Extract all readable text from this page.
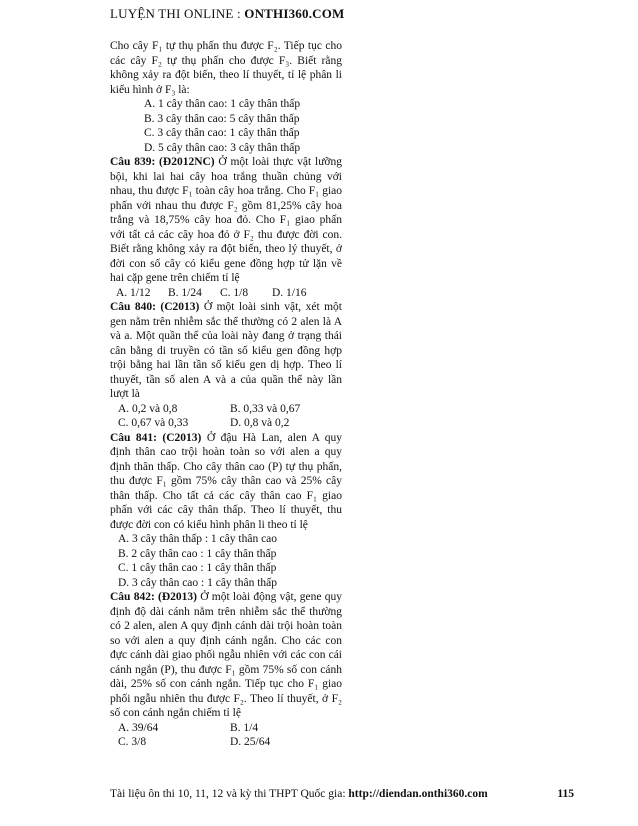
LUYỆN THI ONLINE : ONTHI360.COM

Cho cây F₁ tự thụ phấn thu được F₂. Tiếp tục cho các cây F₂ tự thụ phấn cho được F₃. Biết rằng không xảy ra đột biến, theo lí thuyết, tỉ lệ phân li kiểu hình ở F₃ là:

A. 1 cây thân cao: 1 cây thân thấp
B. 3 cây thân cao: 5 cây thân thấp
C. 3 cây thân cao: 1 cây thân thấp
D. 5 cây thân cao: 3 cây thân thấp

Câu 839: (Đ2012NC) Ở một loài thực vật lưỡng bội, khi lai hai cây hoa trắng thuần chủng với nhau, thu được F₁ toàn cây hoa trắng. Cho F₁ giao phấn với nhau thu được F₂ gồm 81,25% cây hoa trắng và 18,75% cây hoa đỏ. Cho F₁ giao phấn với tất cả các cây hoa đỏ ở F₂ thu được đời con. Biết rằng không xảy ra đột biến, theo lý thuyết, ở đời con số cây có kiểu gene đồng hợp tử lặn về hai cặp gene trên chiếm tỉ lệ

A. 1/12	B. 1/24	C. 1/8	D. 1/16

Câu 840: (C2013) Ở một loài sinh vật, xét một gen nằm trên nhiễm sắc thể thường có 2 alen là A và a. Một quần thể của loài này đang ở trạng thái cân bằng di truyền có tần số kiểu gen đồng hợp trội bằng hai lần tần số kiểu gen dị hợp. Theo lí thuyết, tần số alen A và a của quần thể này lần lượt là

A. 0,2 và 0,8	B. 0,33 và 0,67
C. 0,67 và 0,33	D. 0,8 và 0,2

Câu 841: (C2013) Ở đậu Hà Lan, alen A quy định thân cao trội hoàn toàn so với alen a quy định thân thấp. Cho cây thân cao (P) tự thụ phấn, thu được F₁ gồm 75% cây thân cao và 25% cây thân thấp. Cho tất cả các cây thân cao F₁ giao phấn với các cây thân thấp. Theo lí thuyết, thu được đời con có kiểu hình phân li theo tỉ lệ

A. 3 cây thân thấp : 1 cây thân cao
B. 2 cây thân cao : 1 cây thân thấp
C. 1 cây thân cao : 1 cây thân thấp
D. 3 cây thân cao : 1 cây thân thấp

Câu 842: (Đ2013) Ở một loài động vật, gene quy định độ dài cánh nằm trên nhiễm sắc thể thường có 2 alen, alen A quy định cánh dài trội hoàn toàn so với alen a quy định cánh ngắn. Cho các con đực cánh dài giao phối ngẫu nhiên với các con cái cánh ngắn (P), thu được F₁ gồm 75% số con cánh dài, 25% số con cánh ngắn. Tiếp tục cho F₁ giao phối ngẫu nhiên thu được F₂. Theo lí thuyết, ở F₂ số con cánh ngắn chiếm tỉ lệ

A. 39/64	B. 1/4
C. 3/8	D. 25/64
Tài liệu ôn thi 10, 11, 12 và kỳ thi THPT Quốc gia: http://diendan.onthi360.com	115
